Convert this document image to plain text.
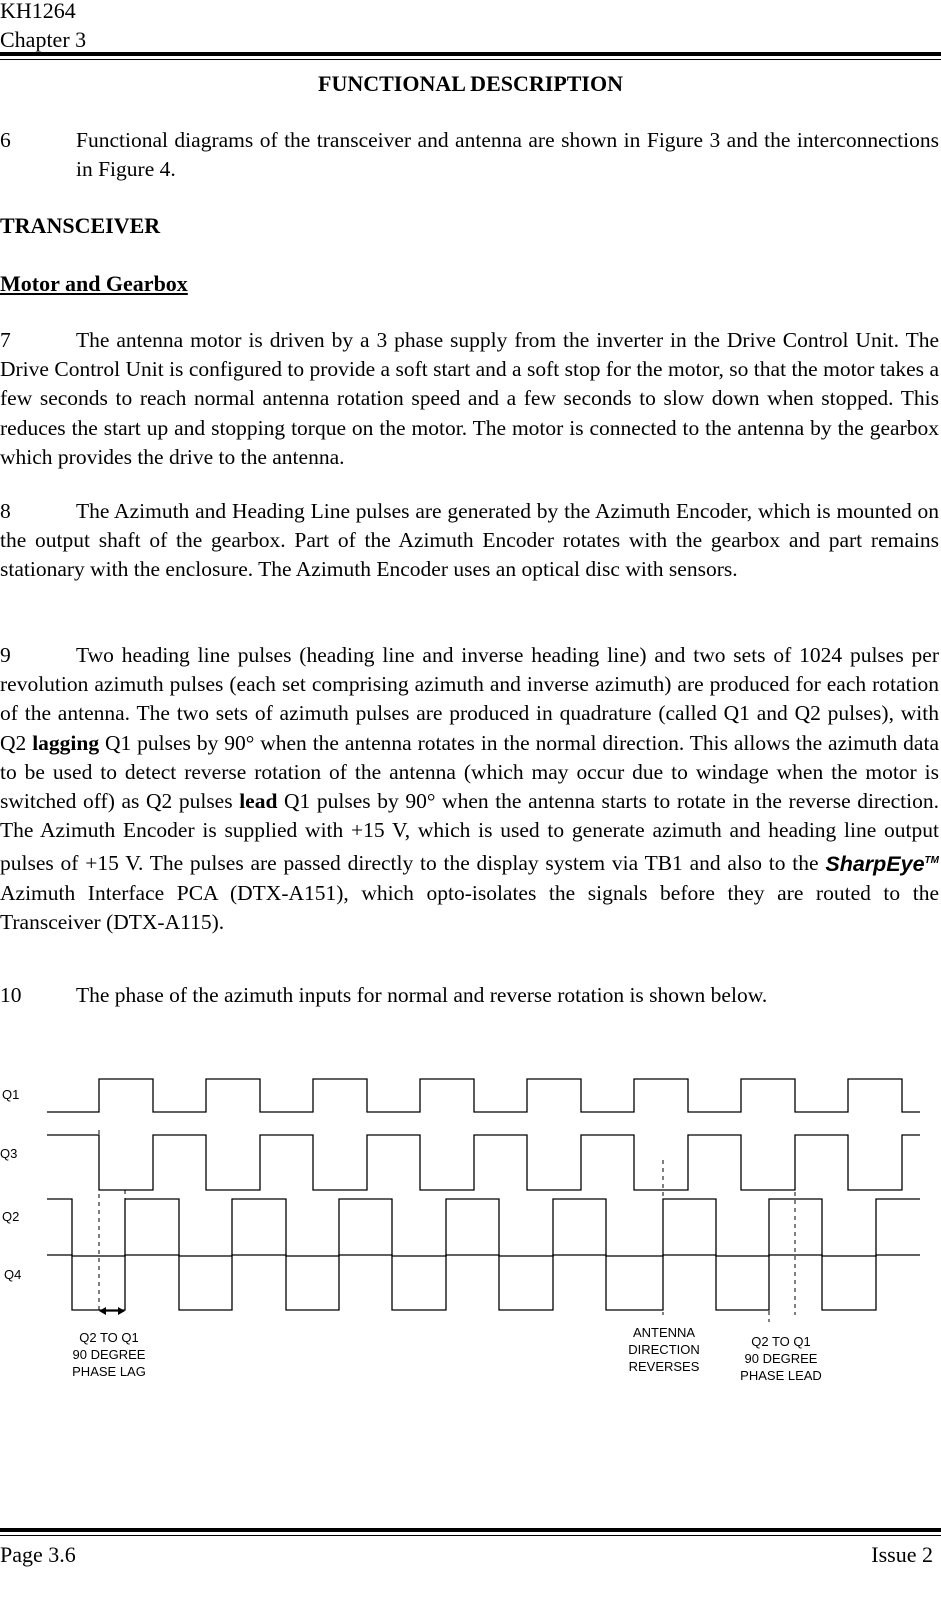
KH1264
Chapter 3
FUNCTIONAL DESCRIPTION
6	Functional diagrams of the transceiver and antenna are shown in Figure 3 and the interconnections in Figure 4.
TRANSCEIVER
Motor and Gearbox
7	The antenna motor is driven by a 3 phase supply from the inverter in the Drive Control Unit. The Drive Control Unit is configured to provide a soft start and a soft stop for the motor, so that the motor takes a few seconds to reach normal antenna rotation speed and a few seconds to slow down when stopped. This reduces the start up and stopping torque on the motor. The motor is connected to the antenna by the gearbox which provides the drive to the antenna.

8	The Azimuth and Heading Line pulses are generated by the Azimuth Encoder, which is mounted on the output shaft of the gearbox. Part of the Azimuth Encoder rotates with the gearbox and part remains stationary with the enclosure. The Azimuth Encoder uses an optical disc with sensors.

9	Two heading line pulses (heading line and inverse heading line) and two sets of 1024 pulses per revolution azimuth pulses (each set comprising azimuth and inverse azimuth) are produced for each rotation of the antenna. The two sets of azimuth pulses are produced in quadrature (called Q1 and Q2 pulses), with Q2 lagging Q1 pulses by 90° when the antenna rotates in the normal direction. This allows the azimuth data to be used to detect reverse rotation of the antenna (which may occur due to windage when the motor is switched off) as Q2 pulses lead Q1 pulses by 90° when the antenna starts to rotate in the reverse direction. The Azimuth Encoder is supplied with +15 V, which is used to generate azimuth and heading line output pulses of +15 V. The pulses are passed directly to the display system via TB1 and also to the SharpEye™ Azimuth Interface PCA (DTX-A151), which opto-isolates the signals before they are routed to the Transceiver (DTX-A115).

10	The phase of the azimuth inputs for normal and reverse rotation is shown below.

Q1
Q3
Q2
Q4
Q2 TO Q1
90 DEGREE
PHASE LAG
ANTENNA
DIRECTION
REVERSES
Q2 TO Q1
90 DEGREE
PHASE LEAD
Page 3.6	Issue 2
